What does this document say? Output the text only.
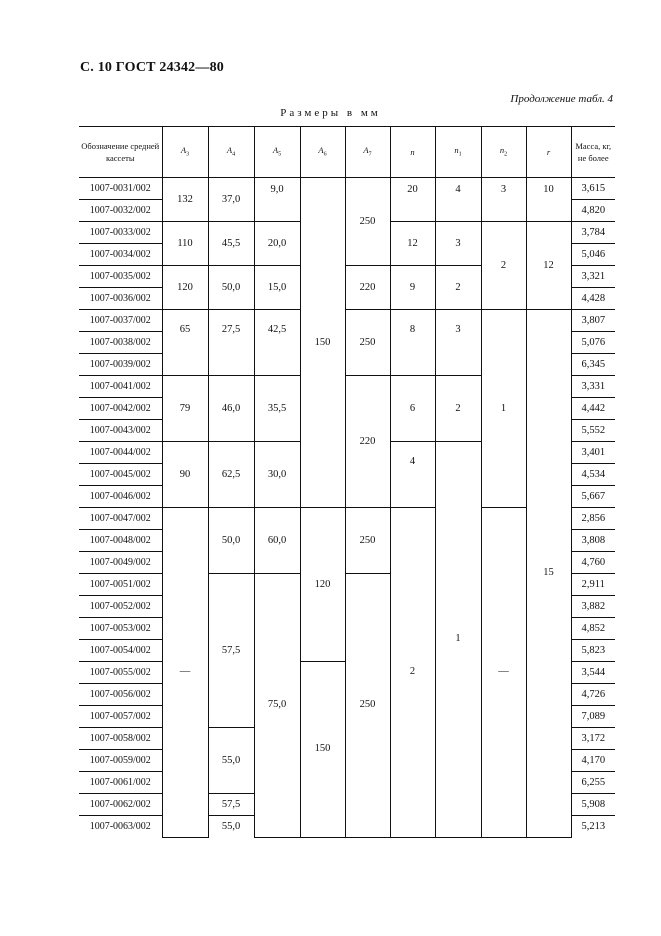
С. 10 ГОСТ 24342—80
Продолжение табл. 4
Размеры в мм
Обозначение средней кассеты	$A_3$	$A_4$	$A_5$	$A_6$	$A_7$	n	$n_1$	$n_2$	r	Масса, кг, не более
1007-0031/002	132	37,0	9,0	150	250	20	4	3	10	3,615
1007-0032/002										4,820
1007-0033/002	110	45,5	20,0			12	3	2	12	3,784
1007-0034/002										5,046
1007-0035/002	120	50,0	15,0		220	9	2			3,321
1007-0036/002										4,428
1007-0037/002	65	27,5	42,5		250	8	3	1	15	3,807
1007-0038/002										5,076
1007-0039/002										6,345
1007-0041/002	79	46,0	35,5		220	6	2			3,331
1007-0042/002										4,442
1007-0043/002										5,552
1007-0044/002	90	62,5	30,0			4	1			3,401
1007-0045/002										4,534
1007-0046/002										5,667
1007-0047/002	—	50,0	60,0	120	250	2		—		2,856
1007-0048/002										3,808
1007-0049/002										4,760
1007-0051/002		57,5	75,0		250					2,911
1007-0052/002										3,882
1007-0053/002										4,852
1007-0054/002										5,823
1007-0055/002				150						3,544
1007-0056/002										4,726
1007-0057/002										7,089
1007-0058/002		55,0								3,172
1007-0059/002										4,170
1007-0061/002										6,255
1007-0062/002		57,5								5,908
1007-0063/002		55,0								5,213
